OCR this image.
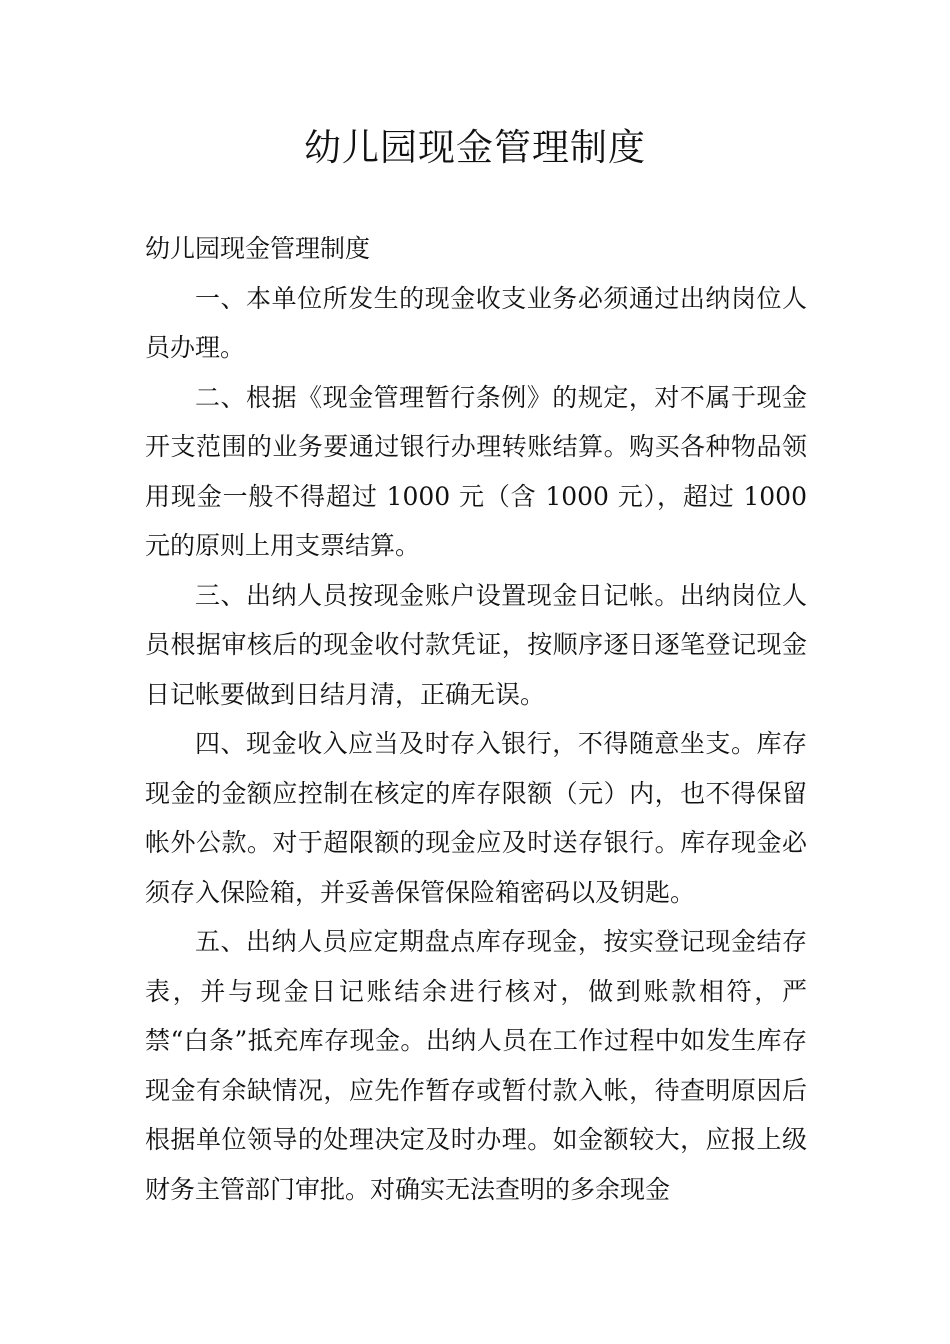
幼儿园现金管理制度

幼儿园现金管理制度

一、本单位所发生的现金收支业务必须通过出纳岗位人员办理。

二、根据《现金管理暂行条例》的规定，对不属于现金开支范围的业务要通过银行办理转账结算。购买各种物品领用现金一般不得超过 1000 元（含 1000 元），超过 1000 元的原则上用支票结算。

三、出纳人员按现金账户设置现金日记帐。出纳岗位人员根据审核后的现金收付款凭证，按顺序逐日逐笔登记现金日记帐要做到日结月清，正确无误。

四、现金收入应当及时存入银行，不得随意坐支。库存现金的金额应控制在核定的库存限额（元）内，也不得保留帐外公款。对于超限额的现金应及时送存银行。库存现金必须存入保险箱，并妥善保管保险箱密码以及钥匙。

五、出纳人员应定期盘点库存现金，按实登记现金结存表，并与现金日记账结余进行核对，做到账款相符，严禁“白条”抵充库存现金。出纳人员在工作过程中如发生库存现金有余缺情况，应先作暂存或暂付款入帐，待查明原因后根据单位领导的处理决定及时办理。如金额较大，应报上级财务主管部门审批。对确实无法查明的多余现金
